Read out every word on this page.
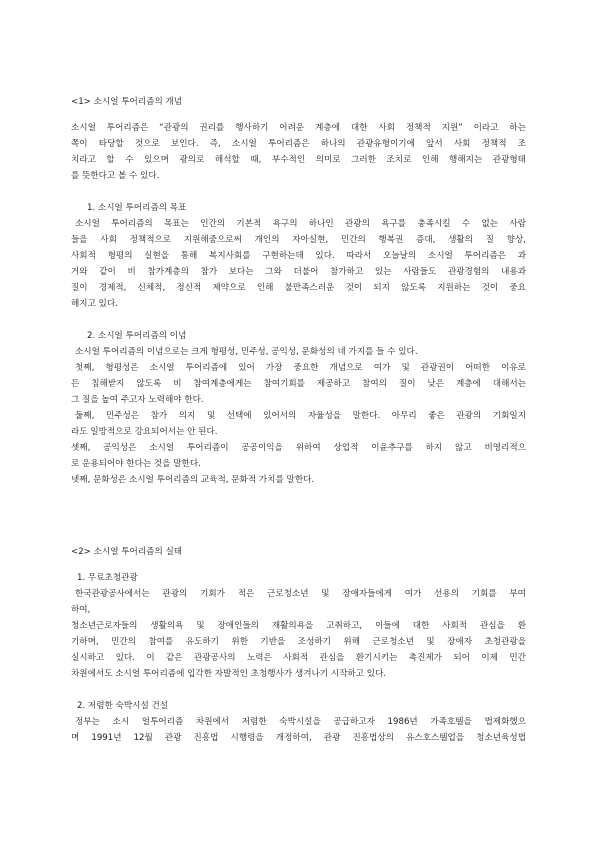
<1> 소시얼 투어리즘의 개념
소시얼 투어리즘은 “관광의 권리를 행사하기 어려운 계층에 대한 사회 정책적 지원” 이라고 하는
쪽이 타당할 것으로 보인다. 즉, 소시얼 투어리즘은 하나의 관광유형이기에 앞서 사회 정책적 조
치라고 할 수 있으며 광의로 해석할 때, 부수적인 의미로 그러한 조치로 인해 행해지는 관광형태
를 뜻한다고 볼 수 있다.
1. 소시얼 투어리즘의 목표
소시얼 투어리즘의 목표는 인간의 기본적 욕구의 하나인 관광의 욕구를 충족시킬 수 없는 사람
들을 사회 정책적으로 지원해줌으로써 개인의 자아실현, 민간의 행복권 증대, 생활의 질 향상,
사회적 형평의 실현을 통해 복지사회를 구현하는데 있다. 따라서 오늘날의 소시얼 투어리즘은 과
거와 같이 비 참가계층의 참가 보다는 그와 더불어 참가하고 있는 사람들도 관광경험의 내용과
질이 경제적, 신체적, 정신적 제약으로 인해 불만족스러운 것이 되지 않도록 지원하는 것이 중요
해지고 있다.
2. 소시얼 투어리즘의 이념
소시얼 투어리즘의 이념으로는 크게 형평성, 민주성, 공익성, 문화성의 네 가지를 들 수 있다.
첫째, 형평성은 소시얼 투어리즘에 있어 가장 중요한 개념으로 여가 및 관광권이 어떠한 이유로
든 침해받지 않도록 비 참여계층에게는 참여기회를 제공하고 참여의 질이 낮은 계층에 대해서는
그 질을 높여 주고자 노력해야 한다.
둘째, 민주성은 참가 의지 및 선택에 있어서의 자율성을 말한다. 아무리 좋은 관광의 기회일지
라도 일방적으로 강요되어서는 안 된다.
셋째, 공익성은 소시얼 투어리즘이 공공이익을 위하여 상업적 이윤추구를 하지 않고 비영리적으
로 운용되어야 한다는 것을 말한다.
넷째, 문화성은 소시얼 투어리즘의 교육적, 문화적 가치를 말한다.
<2> 소시얼 투어리즘의 실태
1. 무료초청관광
한국관광공사에서는 관광의 기회가 적은 근로청소년 및 장애자들에게 여가 선용의 기회를 부여
하여,
청소년근로자들의 생활의욕 및 장애인들의 재활의욕을 고취하고, 이들에 대한 사회적 관심을 환
기하며, 민간의 참여를 유도하기 위한 기반을 조성하기 위해 근로청소년 및 장애자 초청관광을
실시하고 있다. 이 같은 관광공사의 노력은 사회적 관심을 환기시키는 촉진제가 되어 이제 민간
차원에서도 소시얼 투어리즘에 입각한 자발적인 초청행사가 생겨나기 시작하고 있다.
2. 저렴한 숙박시설 건설
정부는 소시 얼투어리즘 차원에서 저렴한 숙박시설을 공급하고자 1986년 가족호텔을 법제화했으
며 1991년 12월 관광 진흥법 시행령을 개정하여, 관광 진흥법상의 유스호스텔업을 청소년육성법
